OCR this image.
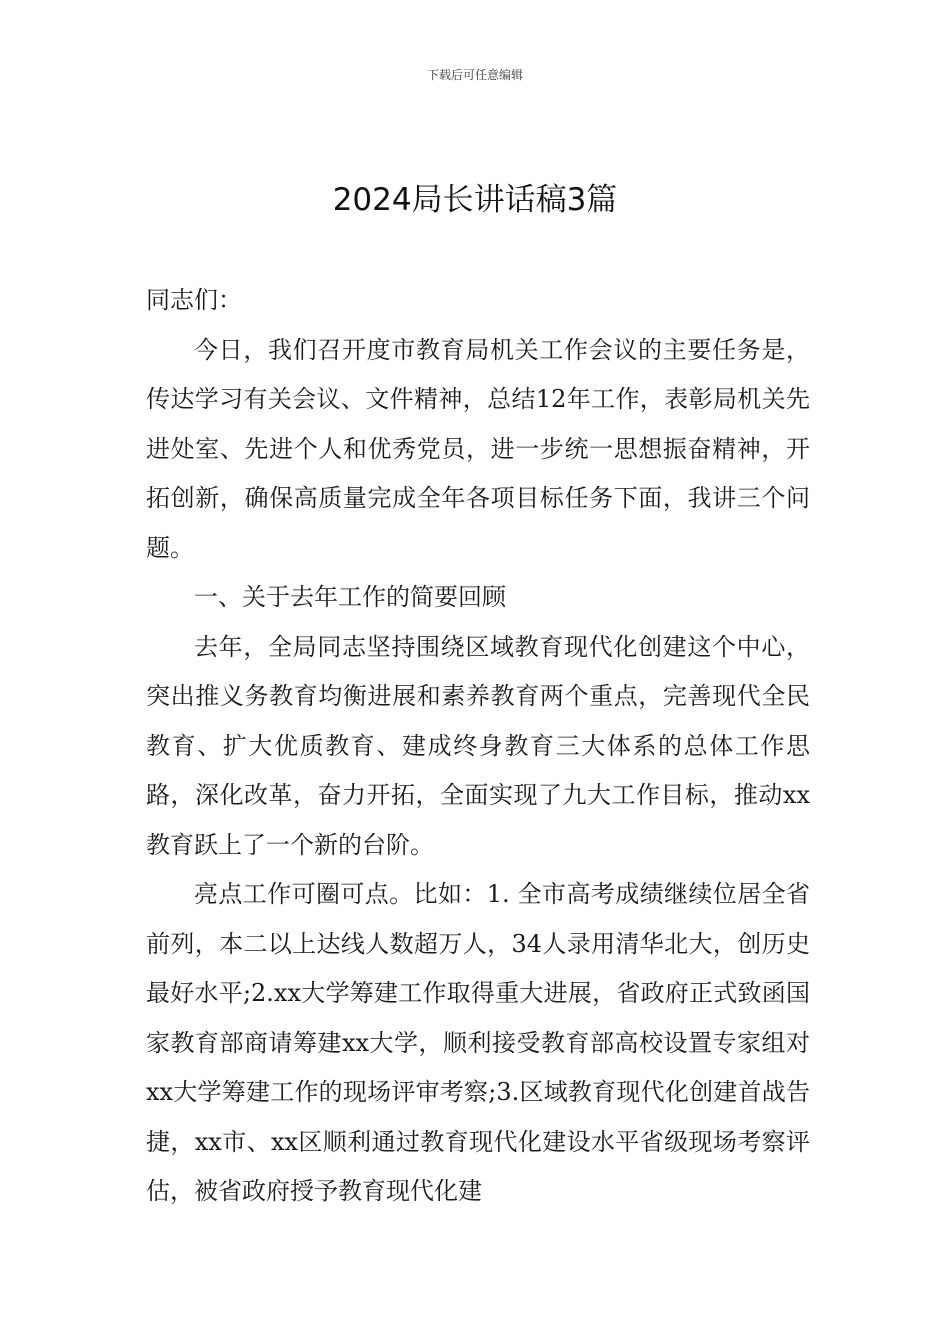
下载后可任意编辑
2024局长讲话稿3篇

同志们：

今日，我们召开度市教育局机关工作会议的主要任务是，传达学习有关会议、文件精神，总结12年工作，表彰局机关先进处室、先进个人和优秀党员，进一步统一思想振奋精神，开拓创新，确保高质量完成全年各项目标任务下面，我讲三个问题。

一、关于去年工作的简要回顾

去年，全局同志坚持围绕区域教育现代化创建这个中心，突出推义务教育均衡进展和素养教育两个重点，完善现代全民教育、扩大优质教育、建成终身教育三大体系的总体工作思路，深化改革，奋力开拓，全面实现了九大工作目标，推动xx教育跃上了一个新的台阶。

亮点工作可圈可点。比如：1. 全市高考成绩继续位居全省前列，本二以上达线人数超万人，34人录用清华北大，创历史最好水平;2.xx大学筹建工作取得重大进展，省政府正式致函国家教育部商请筹建xx大学，顺利接受教育部高校设置专家组对xx大学筹建工作的现场评审考察;3.区域教育现代化创建首战告捷，xx市、xx区顺利通过教育现代化建设水平省级现场考察评估，被省政府授予教育现代化建
